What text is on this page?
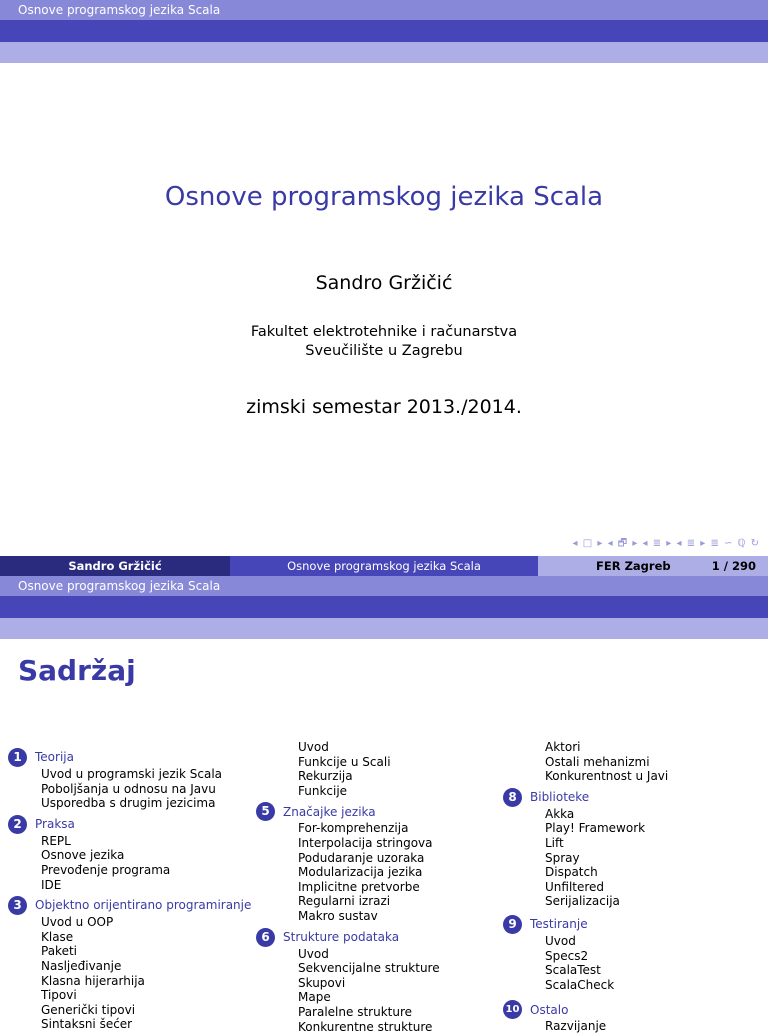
Osnove programskog jezika Scala
Osnove programskog jezika Scala
Sandro Gržičić
Fakultet elektrotehnike i računarstva
Sveučilište u Zagrebu
zimski semestar 2013./2014.
◂ □ ▸ ◂ 🗗 ▸ ◂ ≣ ▸ ◂ ≣ ▸ ≣ ∽ ℚ ↻
Sandro Gržičić	Osnove programskog jezika Scala	FER Zagreb	1 / 290
Osnove programskog jezika Scala
Sadržaj
1	Teorija
Uvod u programski jezik Scala
Poboljšanja u odnosu na Javu
Usporedba s drugim jezicima
2	Praksa
REPL
Osnove jezika
Prevođenje programa
IDE
3	Objektno orijentirano programiranje
Uvod u OOP
Klase
Paketi
Nasljeđivanje
Klasna hijerarhija
Tipovi
Generički tipovi
Sintaksni šećer
Uvod
Funkcije u Scali
Rekurzija
Funkcije
5	Značajke jezika
For-komprehenzija
Interpolacija stringova
Podudaranje uzoraka
Modularizacija jezika
Implicitne pretvorbe
Regularni izrazi
Makro sustav
6	Strukture podataka
Uvod
Sekvencijalne strukture
Skupovi
Mape
Paralelne strukture
Konkurentne strukture
Aktori
Ostali mehanizmi
Konkurentnost u Javi
8	Biblioteke
Akka
Play! Framework
Lift
Spray
Dispatch
Unfiltered
Serijalizacija
9	Testiranje
Uvod
Specs2
ScalaTest
ScalaCheck
10 Ostalo
Razvijanje
